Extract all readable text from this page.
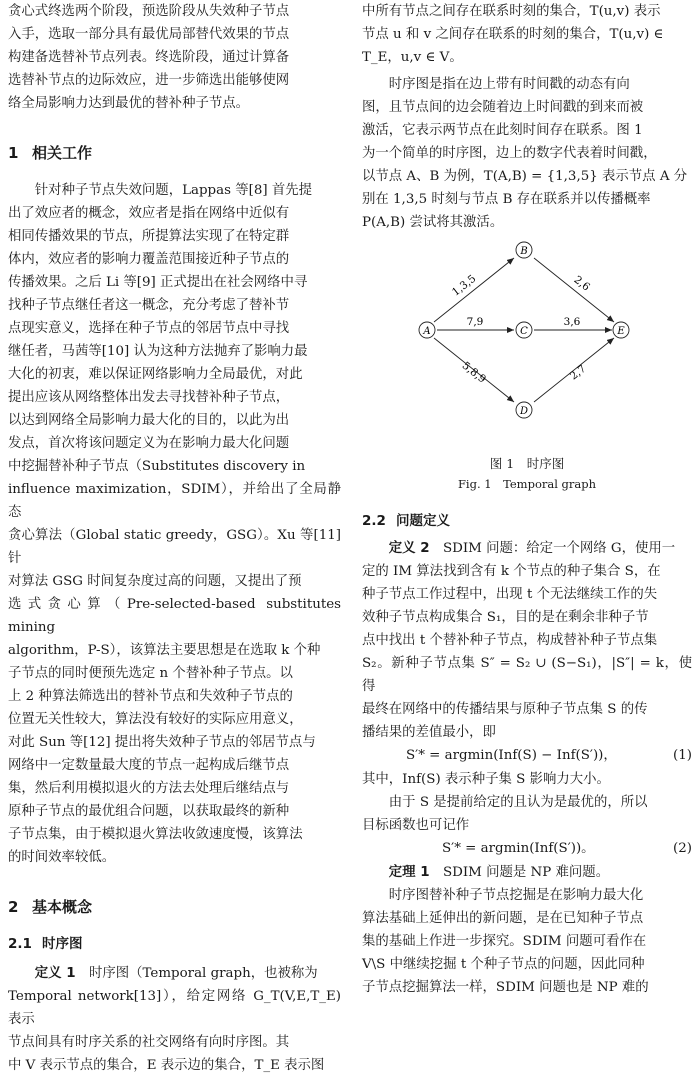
贪心式终选两个阶段，预选阶段从失效种子节点

入手，选取一部分具有最优局部替代效果的节点

构建备选替补节点列表。终选阶段，通过计算备

选替补节点的边际效应，进一步筛选出能够使网

络全局影响力达到最优的替补种子节点。

1 相关工作

针对种子节点失效问题，Lappas 等[8] 首先提

出了效应者的概念，效应者是指在网络中近似有

相同传播效果的节点，所提算法实现了在特定群

体内，效应者的影响力覆盖范围接近种子节点的

传播效果。之后 Li 等[9] 正式提出在社会网络中寻

找种子节点继任者这一概念，充分考虑了替补节

点现实意义，选择在种子节点的邻居节点中寻找

继任者，马茜等[10] 认为这种方法抛弃了影响力最

大化的初衷，难以保证网络影响力全局最优，对此

提出应该从网络整体出发去寻找替补种子节点，

以达到网络全局影响力最大化的目的，以此为出

发点，首次将该问题定义为在影响力最大化问题

中挖掘替补种子节点（Substitutes discovery in

influence maximization，SDIM），并给出了全局静态

贪心算法（Global static greedy，GSG）。Xu 等[11] 针

对算法 GSG 时间复杂度过高的问题，又提出了预

选式贪心算（Pre-selected-based substitutes mining

algorithm，P-S），该算法主要思想是在选取 k 个种

子节点的同时便预先选定 n 个替补种子节点。以

上 2 种算法筛选出的替补节点和失效种子节点的

位置无关性较大，算法没有较好的实际应用意义，

对此 Sun 等[12] 提出将失效种子节点的邻居节点与

网络中一定数量最大度的节点一起构成后继节点

集，然后利用模拟退火的方法去处理后继结点与

原种子节点的最优组合问题，以获取最终的新种

子节点集，由于模拟退火算法收敛速度慢，该算法

的时间效率较低。

2 基本概念
2.1 时序图

定义 1　 时序图（Temporal graph，也被称为

Temporal network[13]），给定网络 G_T(V,E,T_E) 表示

节点间具有时序关系的社交网络有向时序图。其

中 V 表示节点的集合，E 表示边的集合，T_E 表示图

中所有节点之间存在联系时刻的集合，T(u,v) 表示

节点 u 和 v 之间存在联系的时刻的集合，T(u,v) ∈

T_E，u,v ∈ V。

时序图是指在边上带有时间戳的动态有向

图，且节点间的边会随着边上时间戳的到来而被

激活，它表示两节点在此刻时间存在联系。图 1

为一个简单的时序图，边上的数字代表着时间戳，

以节点 A、B 为例，T(A,B) = {1,3,5} 表示节点 A 分

别在 1,3,5 时刻与节点 B 存在联系并以传播概率

P(A,B) 尝试将其激活。

1,3,5	2,6
7,9	3,6
5,8,9	2,7
A
B
C
D
E
图 1　时序图
Fig. 1　Temporal graph
2.2 问题定义

定义 2　 SDIM 问题：给定一个网络 G，使用一

定的 IM 算法找到含有 k 个节点的种子集合 S，在

种子节点工作过程中，出现 t 个无法继续工作的失

效种子节点构成集合 S₁，目的是在剩余非种子节

点中找出 t 个替补种子节点，构成替补种子节点集

S₂。新种子节点集 S″ = S₂ ∪ (S−S₁)，|S″| = k，使得

最终在网络中的传播结果与原种子节点集 S 的传

播结果的差值最小，即

S′* = argmin(Inf(S) − Inf(S′))，	(1)

其中，Inf(S) 表示种子集 S 影响力大小。

由于 S 是提前给定的且认为是最优的，所以

目标函数也可记作

S′* = argmin(Inf(S′))。	(2)

定理 1　 SDIM 问题是 NP 难问题。

时序图替补种子节点挖掘是在影响力最大化

算法基础上延伸出的新问题，是在已知种子节点

集的基础上作进一步探究。SDIM 问题可看作在

V\S 中继续挖掘 t 个种子节点的问题，因此同种

子节点挖掘算法一样，SDIM 问题也是 NP 难的
